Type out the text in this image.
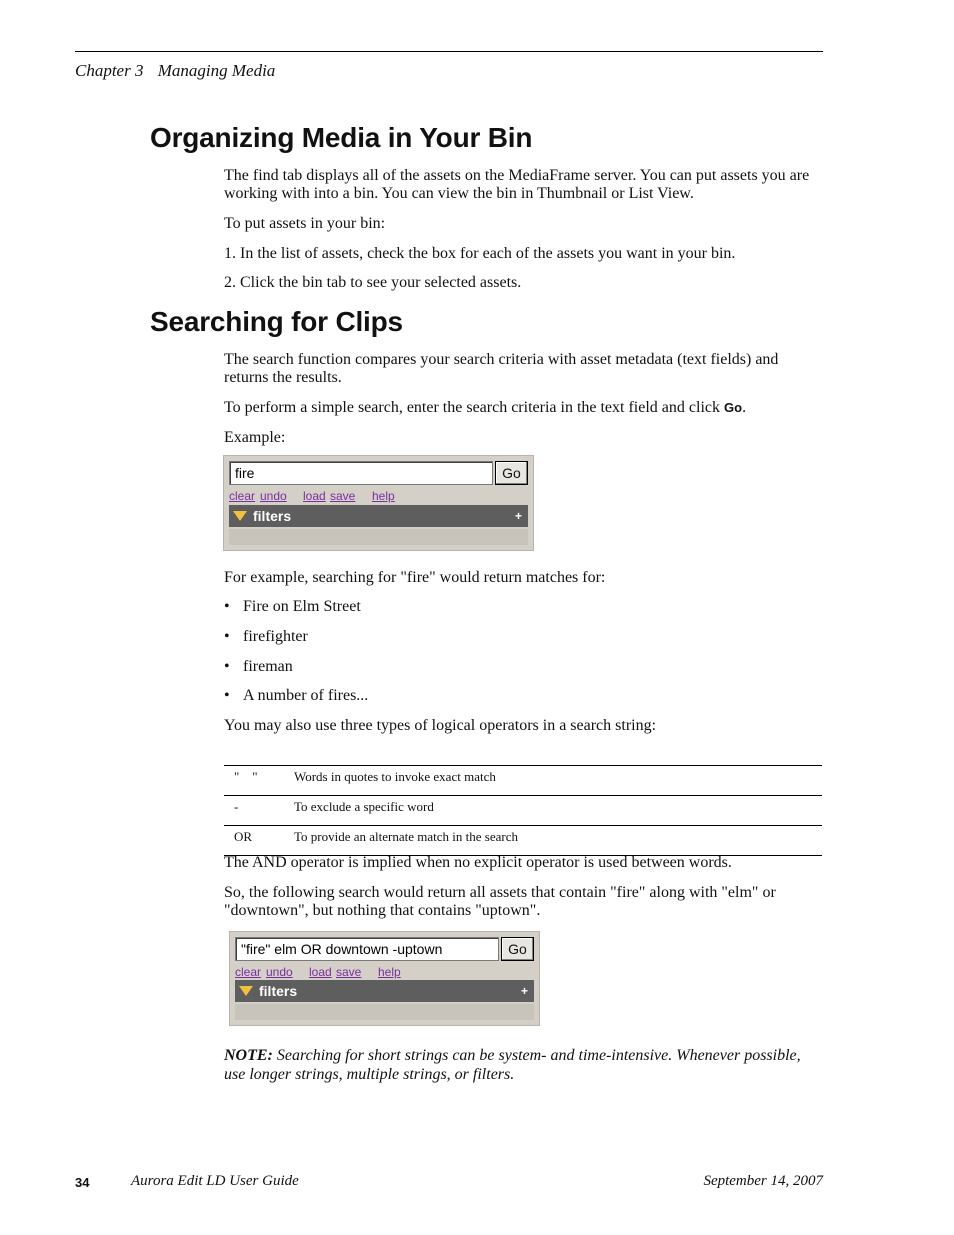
Chapter 3 Managing Media
Organizing Media in Your Bin
The find tab displays all of the assets on the MediaFrame server. You can put assets you are working with into a bin. You can view the bin in Thumbnail or List View.
To put assets in your bin:
1. In the list of assets, check the box for each of the assets you want in your bin.
2. Click the bin tab to see your selected assets.
Searching for Clips
The search function compares your search criteria with asset metadata (text fields) and returns the results.
To perform a simple search, enter the search criteria in the text field and click Go.
Example:
fire	Go
clear undo load save help
filters	+
For example, searching for "fire" would return matches for:
• Fire on Elm Street
• firefighter
• fireman
• A number of fires...
You may also use three types of logical operators in a search string:
"    "	Words in quotes to invoke exact match
-	To exclude a specific word
OR	To provide an alternate match in the search
The AND operator is implied when no explicit operator is used between words.
So, the following search would return all assets that contain "fire" along with "elm" or "downtown", but nothing that contains "uptown".
"fire" elm OR downtown -uptown	Go
clear undo load save help
filters	+
NOTE: Searching for short strings can be system- and time-intensive. Whenever possible, use longer strings, multiple strings, or filters.
34	Aurora Edit LD User Guide	September 14, 2007
